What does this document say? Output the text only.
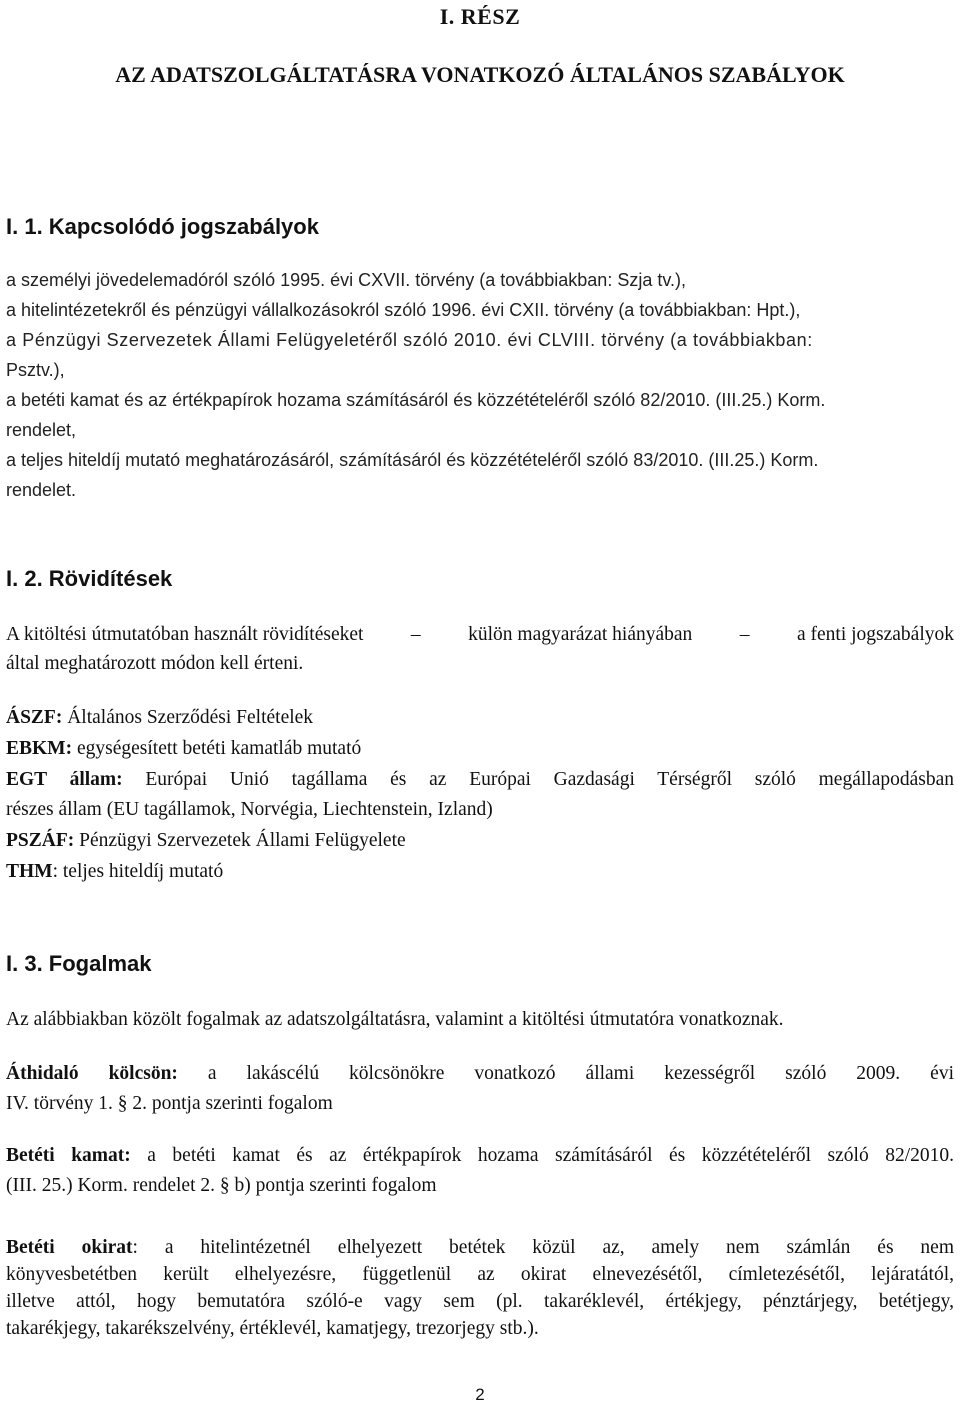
I. RÉSZ
AZ ADATSZOLGÁLTATÁSRA VONATKOZÓ ÁLTALÁNOS SZABÁLYOK
I. 1. Kapcsolódó jogszabályok
a személyi jövedelemadóról szóló 1995. évi CXVII. törvény (a továbbiakban: Szja tv.),
a hitelintézetekről és pénzügyi vállalkozásokról szóló 1996. évi CXII. törvény (a továbbiakban: Hpt.),
a Pénzügyi Szervezetek Állami Felügyeletéről szóló 2010. évi CLVIII. törvény (a továbbiakban:
Psztv.),
a betéti kamat és az értékpapírok hozama számításáról és közzétételéről szóló 82/2010. (III.25.) Korm.
rendelet,
a teljes hiteldíj mutató meghatározásáról, számításáról és közzétételéről szóló 83/2010. (III.25.) Korm.
rendelet.
I. 2. Rövidítések
A kitöltési útmutatóban használt rövidítéseket – külön magyarázat hiányában – a fenti jogszabályok
által meghatározott módon kell érteni.
ÁSZF: Általános Szerződési Feltételek
EBKM: egységesített betéti kamatláb mutató
EGT állam: Európai Unió tagállama és az Európai Gazdasági Térségről szóló megállapodásban
részes állam (EU tagállamok, Norvégia, Liechtenstein, Izland)
PSZÁF: Pénzügyi Szervezetek Állami Felügyelete
THM: teljes hiteldíj mutató
I. 3. Fogalmak
Az alábbiakban közölt fogalmak az adatszolgáltatásra, valamint a kitöltési útmutatóra vonatkoznak.
Áthidaló kölcsön: a lakáscélú kölcsönökre vonatkozó állami kezességről szóló 2009. évi
IV. törvény 1. § 2. pontja szerinti fogalom
Betéti kamat: a betéti kamat és az értékpapírok hozama számításáról és közzétételéről szóló 82/2010.
(III. 25.) Korm. rendelet 2. § b) pontja szerinti fogalom
Betéti okirat: a hitelintézetnél elhelyezett betétek közül az, amely nem számlán és nem
könyvesbetétben került elhelyezésre, függetlenül az okirat elnevezésétől, címletezésétől, lejáratától,
illetve attól, hogy bemutatóra szóló-e vagy sem (pl. takaréklevél, értékjegy, pénztárjegy, betétjegy,
takarékjegy, takarékszelvény, értéklevél, kamatjegy, trezorjegy stb.).
2
